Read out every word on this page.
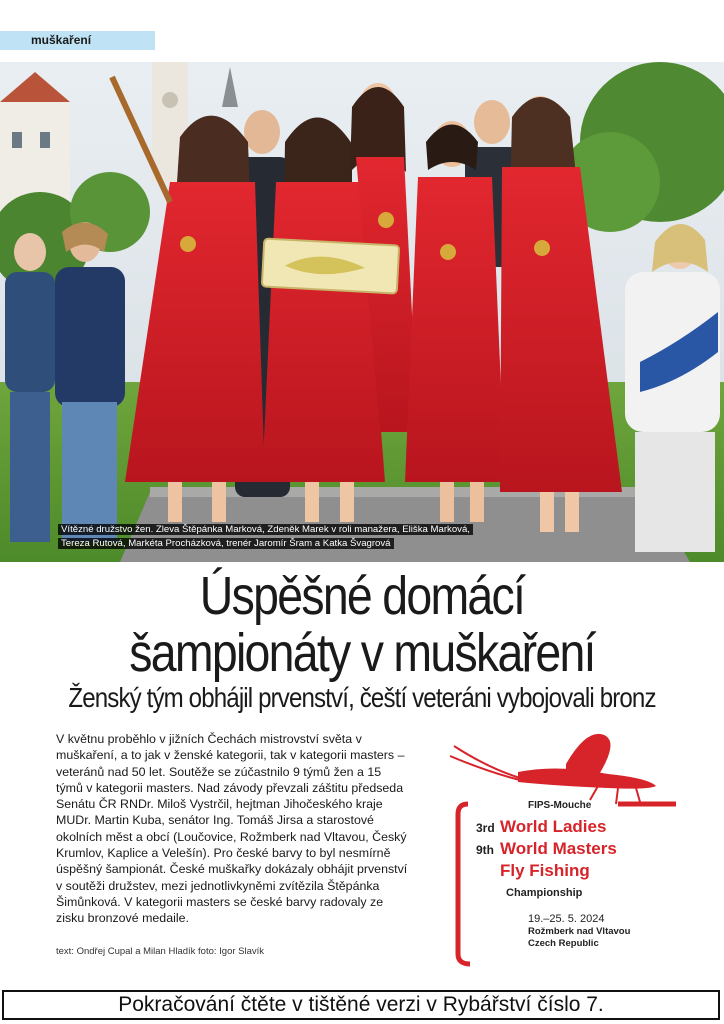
muškaření
Vítězné družstvo žen. Zleva Štěpánka Marková, Zdeněk Marek v roli manažera, Eliška Marková,
Tereza Rutová, Markéta Procházková, trenér Jaromír Šram a Katka Švagrová
Úspěšné domácí
šampionáty v muškaření
Ženský tým obhájil prvenství, čeští veteráni vybojovali bronz
V květnu proběhlo v jižních Čechách mistrovství světa v muškaření, a to jak v ženské kategorii, tak v kategorii masters – veteránů nad 50 let. Soutěže se zúčastnilo 9 týmů žen a 15 týmů v kategorii masters. Nad závody převzali záštitu předseda Senátu ČR RNDr. Miloš Vystrčil, hejtman Jihočeského kraje MUDr. Martin Kuba, senátor Ing. Tomáš Jirsa a starostové okolních měst a obcí (Loučovice, Rožmberk nad Vltavou, Český Krumlov, Kaplice a Velešín). Pro české barvy to byl nesmírně úspěšný šampionát. České muškařky dokázaly obhájit prvenství v soutěži družstev, mezi jednotlivkyněmi zvítězila Štěpánka Šimůnková. V kategorii masters se české barvy radovaly ze zisku bronzové medaile.
text: Ondřej Cupal a Milan Hladík foto: Igor Slavík
FIPS-Mouche
3rd World Ladies
9th World Masters
Fly Fishing
Championship
19.–25. 5. 2024
Rožmberk nad Vltavou
Czech Republic
Pokračování čtěte v tištěné verzi v Rybářství číslo 7.
